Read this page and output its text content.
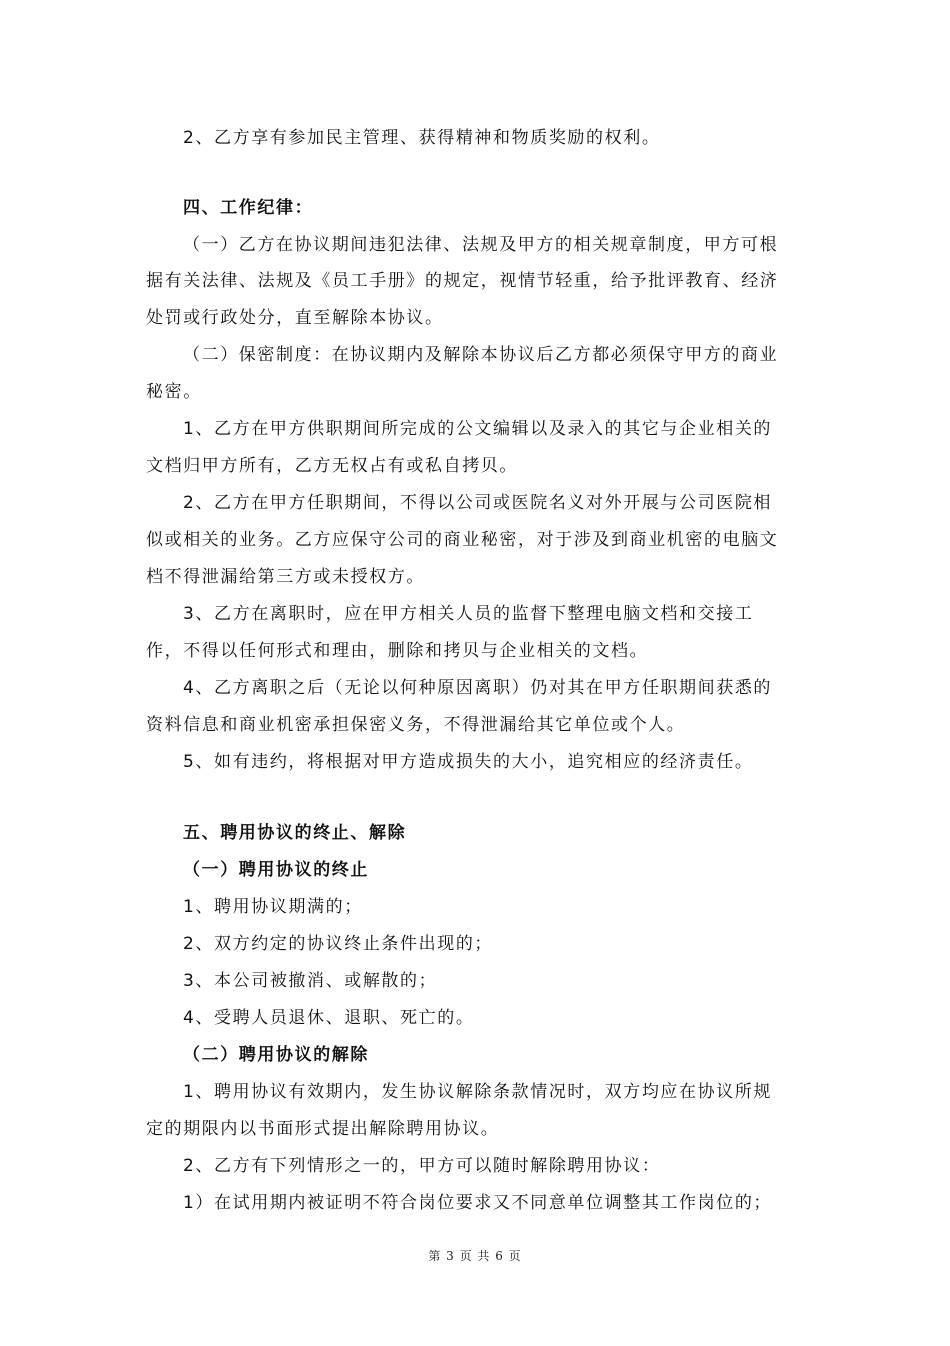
2、乙方享有参加民主管理、获得精神和物质奖励的权利。
四、工作纪律：
（一）乙方在协议期间违犯法律、法规及甲方的相关规章制度，甲方可根
据有关法律、法规及《员工手册》的规定，视情节轻重，给予批评教育、经济
处罚或行政处分，直至解除本协议。
（二）保密制度：在协议期内及解除本协议后乙方都必须保守甲方的商业
秘密。
1、乙方在甲方供职期间所完成的公文编辑以及录入的其它与企业相关的
文档归甲方所有，乙方无权占有或私自拷贝。
2、乙方在甲方任职期间，不得以公司或医院名义对外开展与公司医院相
似或相关的业务。乙方应保守公司的商业秘密，对于涉及到商业机密的电脑文
档不得泄漏给第三方或未授权方。
3、乙方在离职时，应在甲方相关人员的监督下整理电脑文档和交接工
作，不得以任何形式和理由，删除和拷贝与企业相关的文档。
4、乙方离职之后（无论以何种原因离职）仍对其在甲方任职期间获悉的
资料信息和商业机密承担保密义务，不得泄漏给其它单位或个人。
5、如有违约，将根据对甲方造成损失的大小，追究相应的经济责任。
五、聘用协议的终止、解除
（一）聘用协议的终止
1、聘用协议期满的；
2、双方约定的协议终止条件出现的；
3、本公司被撤消、或解散的；
4、受聘人员退休、退职、死亡的。
（二）聘用协议的解除
1、聘用协议有效期内，发生协议解除条款情况时，双方均应在协议所规
定的期限内以书面形式提出解除聘用协议。
2、乙方有下列情形之一的，甲方可以随时解除聘用协议：
1）在试用期内被证明不符合岗位要求又不同意单位调整其工作岗位的；
第 3 页 共 6 页
